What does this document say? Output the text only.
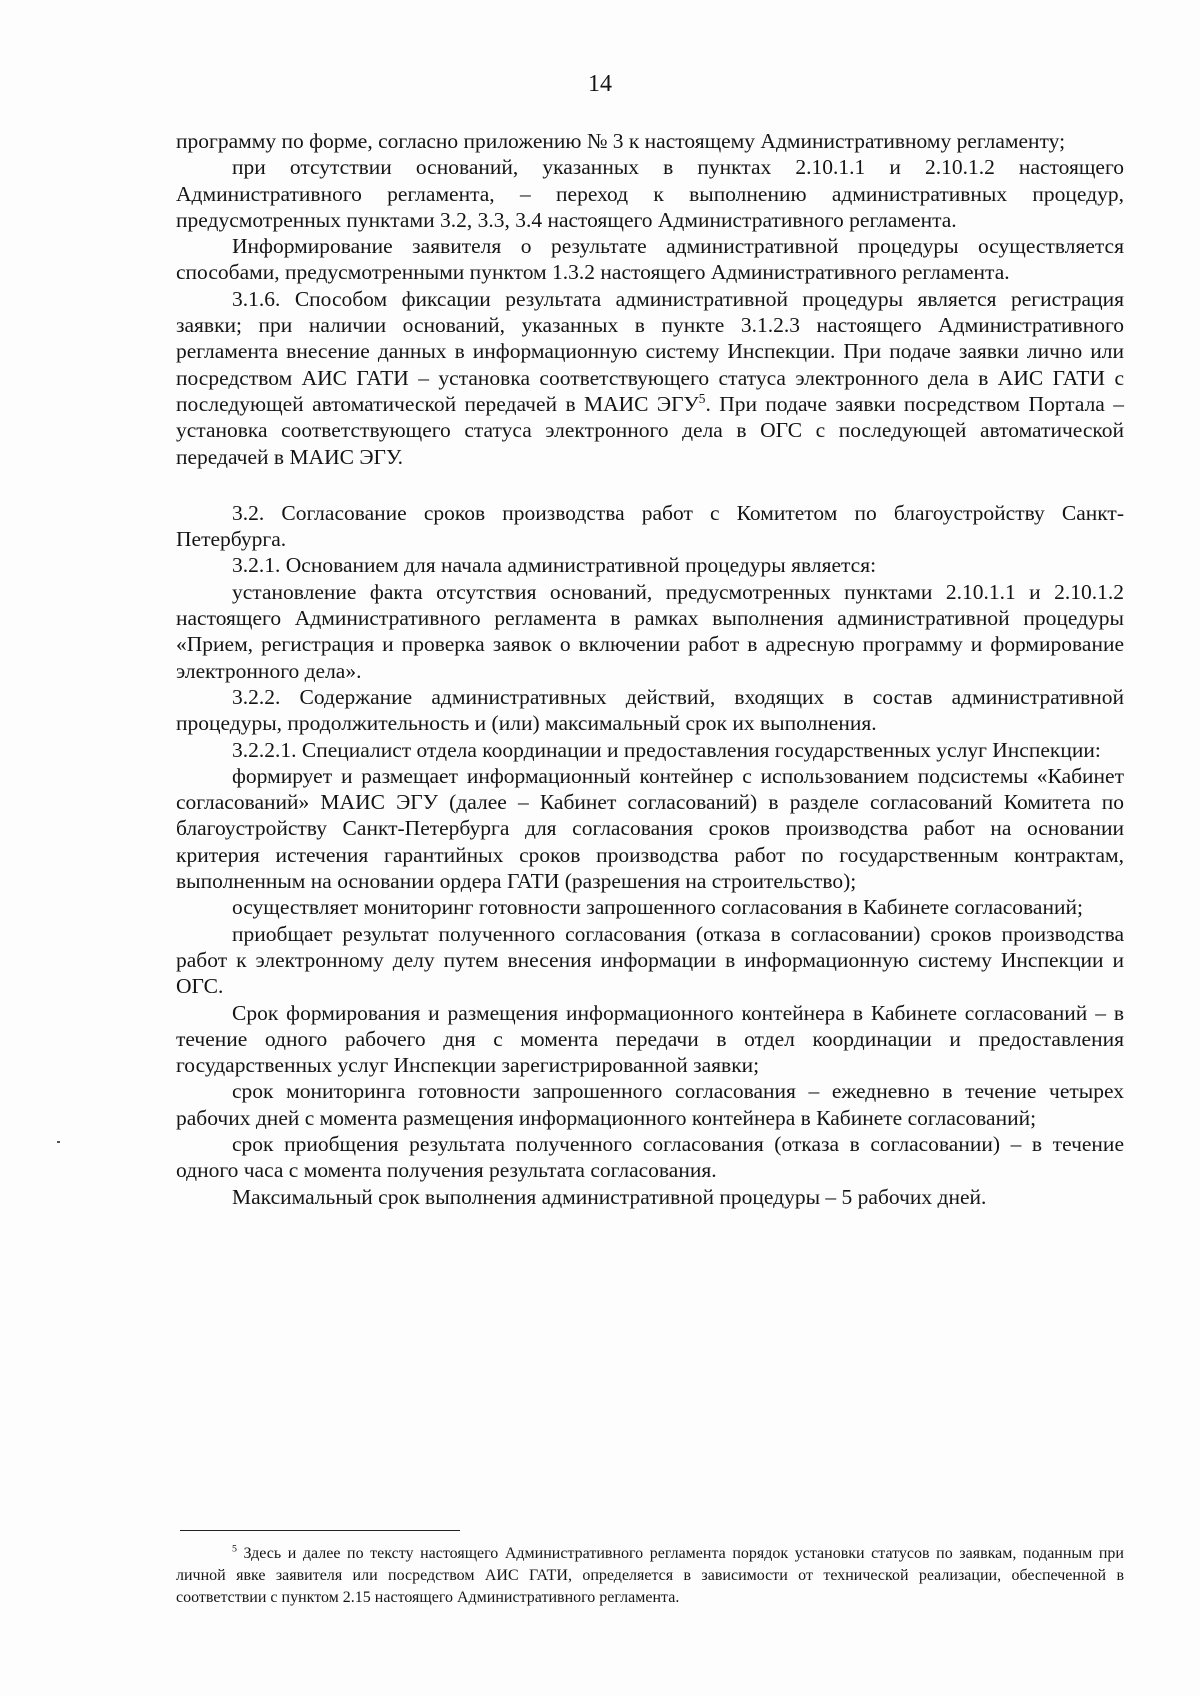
14

программу по форме, согласно приложению № 3 к настоящему Административному регламенту;

при отсутствии оснований, указанных в пунктах 2.10.1.1 и 2.10.1.2 настоящего Административного регламента, – переход к выполнению административных процедур, предусмотренных пунктами 3.2, 3.3, 3.4 настоящего Административного регламента.

Информирование заявителя о результате административной процедуры осуществляется способами, предусмотренными пунктом 1.3.2 настоящего Административного регламента.

3.1.6. Способом фиксации результата административной процедуры является регистрация заявки; при наличии оснований, указанных в пункте 3.1.2.3 настоящего Административного регламента внесение данных в информационную систему Инспекции. При подаче заявки лично или посредством АИС ГАТИ – установка соответствующего статуса электронного дела в АИС ГАТИ с последующей автоматической передачей в МАИС ЭГУ$^5$. При подаче заявки посредством Портала – установка соответствующего статуса электронного дела в ОГС с последующей автоматической передачей в МАИС ЭГУ.

3.2. Согласование сроков производства работ с Комитетом по благоустройству Санкт-Петербурга.

3.2.1. Основанием для начала административной процедуры является:

установление факта отсутствия оснований, предусмотренных пунктами 2.10.1.1 и 2.10.1.2 настоящего Административного регламента в рамках выполнения административной процедуры «Прием, регистрация и проверка заявок о включении работ в адресную программу и формирование электронного дела».

3.2.2. Содержание административных действий, входящих в состав административной процедуры, продолжительность и (или) максимальный срок их выполнения.

3.2.2.1. Специалист отдела координации и предоставления государственных услуг Инспекции:

формирует и размещает информационный контейнер с использованием подсистемы «Кабинет согласований» МАИС ЭГУ (далее – Кабинет согласований) в разделе согласований Комитета по благоустройству Санкт-Петербурга для согласования сроков производства работ на основании критерия истечения гарантийных сроков производства работ по государственным контрактам, выполненным на основании ордера ГАТИ (разрешения на строительство);

осуществляет мониторинг готовности запрошенного согласования в Кабинете согласований;

приобщает результат полученного согласования (отказа в согласовании) сроков производства работ к электронному делу путем внесения информации в информационную систему Инспекции и ОГС.

Срок формирования и размещения информационного контейнера в Кабинете согласований – в течение одного рабочего дня с момента передачи в отдел координации и предоставления государственных услуг Инспекции зарегистрированной заявки;

срок мониторинга готовности запрошенного согласования – ежедневно в течение четырех рабочих дней с момента размещения информационного контейнера в Кабинете согласований;

срок приобщения результата полученного согласования (отказа в согласовании) – в течение одного часа с момента получения результата согласования.

Максимальный срок выполнения административной процедуры – 5 рабочих дней.

$^5$ Здесь и далее по тексту настоящего Административного регламента порядок установки статусов по заявкам, поданным при личной явке заявителя или посредством АИС ГАТИ, определяется в зависимости от технической реализации, обеспеченной в соответствии с пунктом 2.15 настоящего Административного регламента.
